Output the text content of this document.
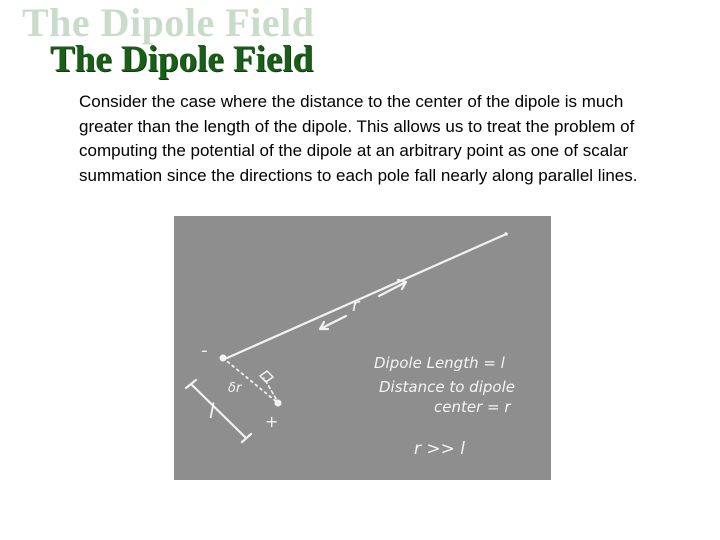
The Dipole Field
The Dipole Field
Consider the case where the distance to the center of the dipole is much greater than the length of the dipole. This allows us to treat the problem of computing the potential of the dipole at an arbitrary point as one of scalar summation since the directions to each pole fall nearly along parallel lines.
r
-
+
δr
l
Dipole Length = l
Distance to dipole
center = r
r >> l
